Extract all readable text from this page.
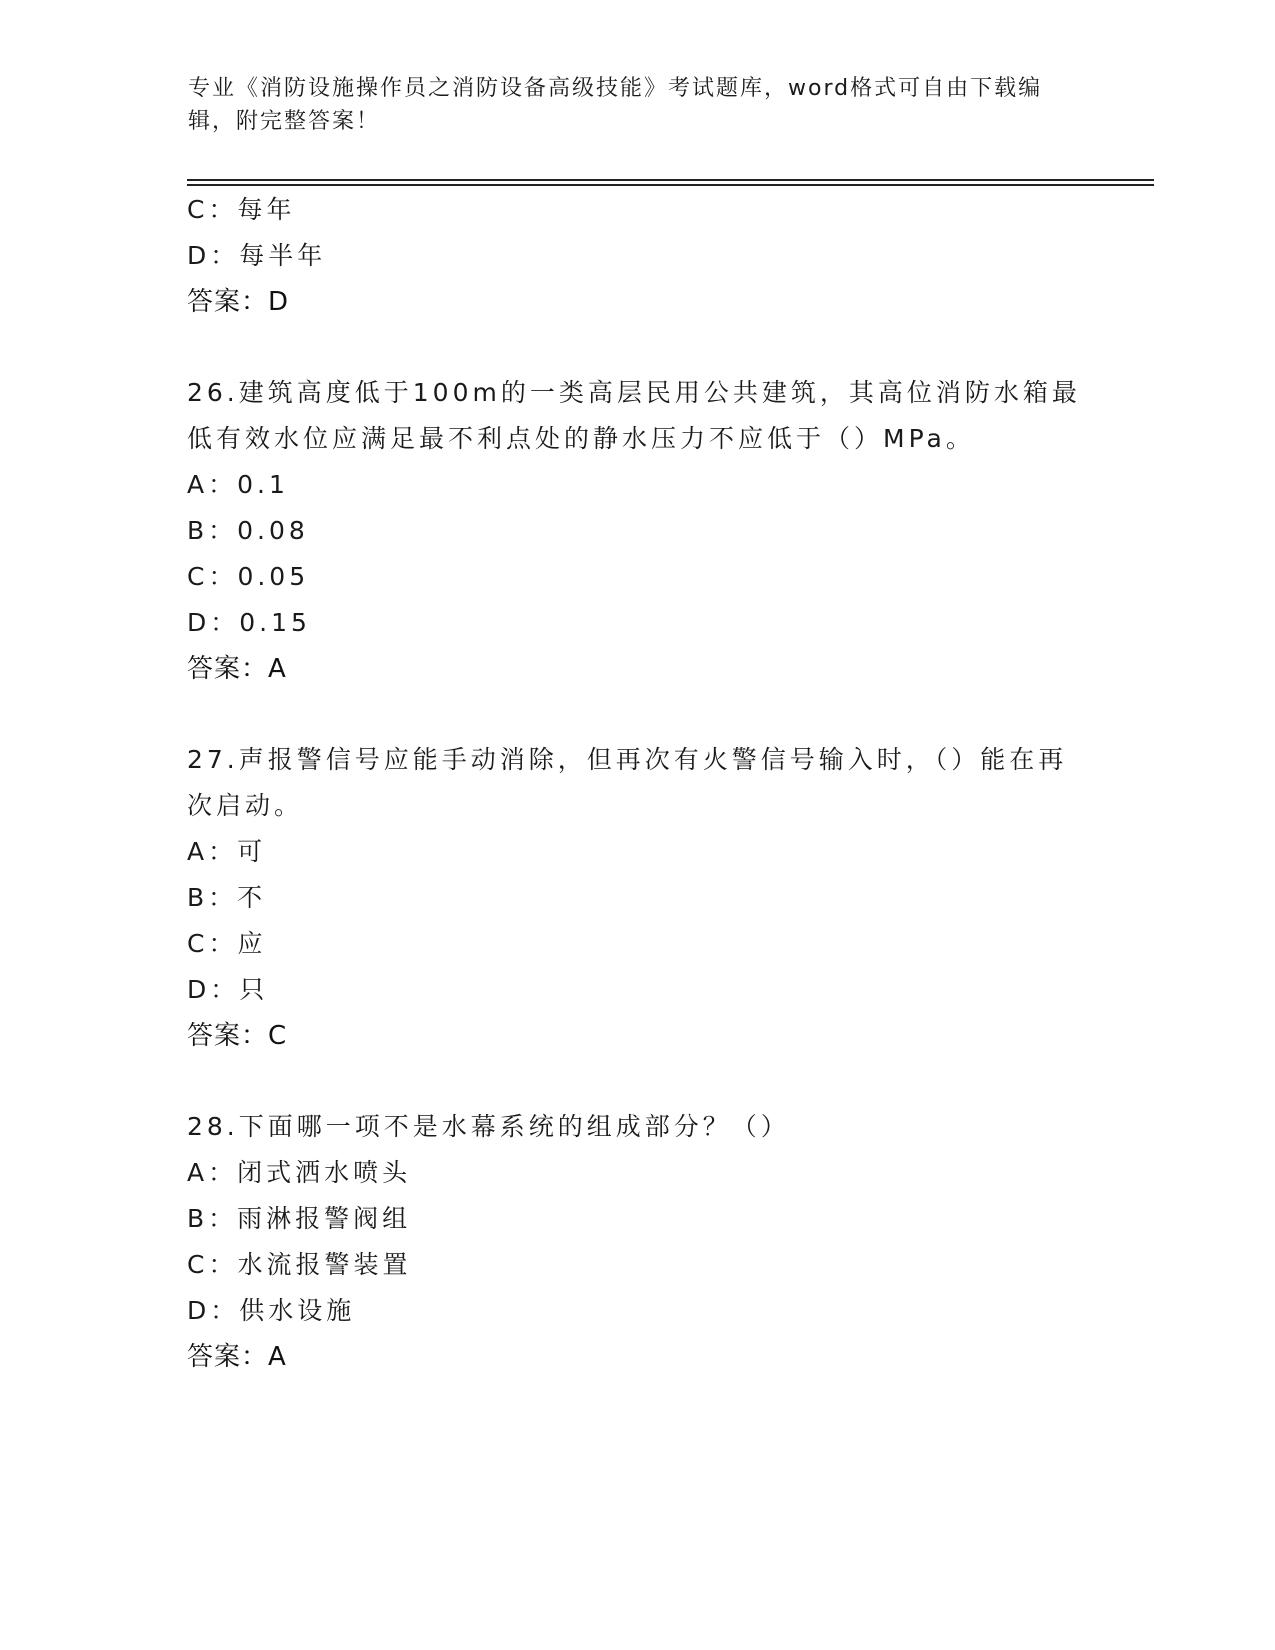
专业《消防设施操作员之消防设备高级技能》考试题库，word格式可自由下载编
辑，附完整答案！
C：每年
D：每半年
答案：D
26.建筑高度低于100m的一类高层民用公共建筑，其高位消防水箱最
低有效水位应满足最不利点处的静水压力不应低于（）MPa。
A：0.1
B：0.08
C：0.05
D：0.15
答案：A
27.声报警信号应能手动消除，但再次有火警信号输入时，（）能在再
次启动。
A：可
B：不
C：应
D：只
答案：C
28.下面哪一项不是水幕系统的组成部分？（）
A：闭式洒水喷头
B：雨淋报警阀组
C：水流报警装置
D：供水设施
答案：A
